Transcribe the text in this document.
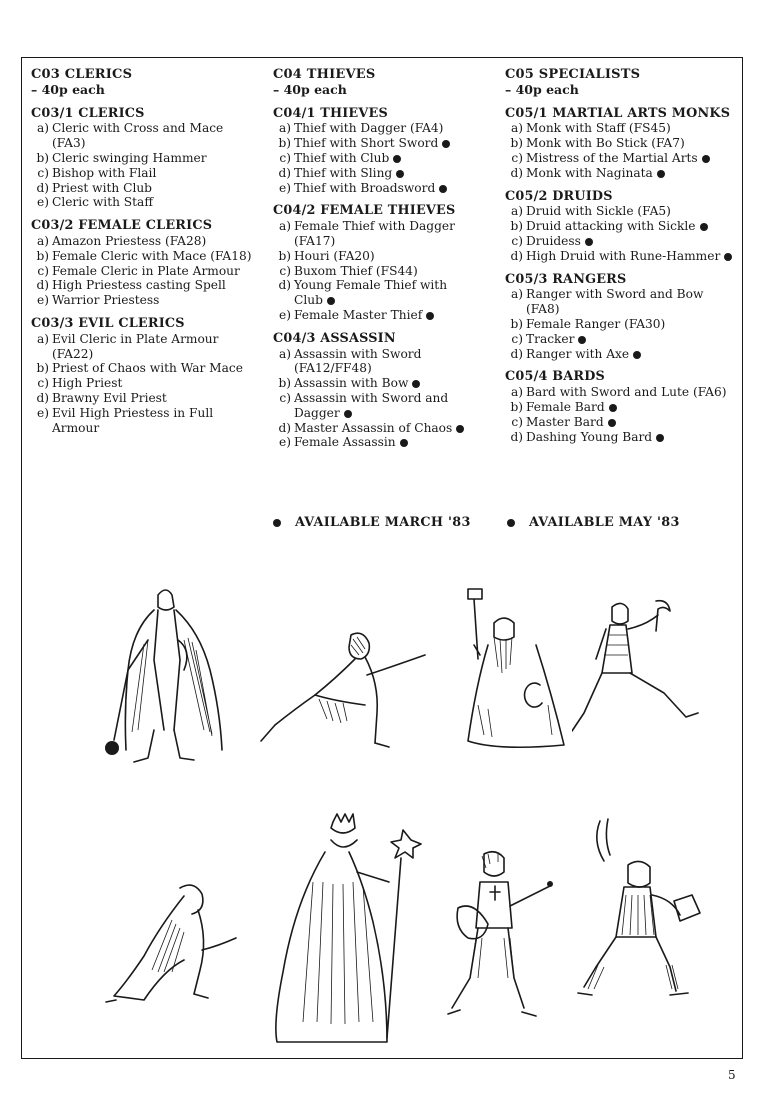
C03 CLERICS
– 40p each
C03/1 CLERICS
a) Cleric with Cross and Mace (FA3)
b) Cleric swinging Hammer
c) Bishop with Flail
d) Priest with Club
e) Cleric with Staff
C03/2 FEMALE CLERICS
a) Amazon Priestess (FA28)
b) Female Cleric with Mace (FA18)
c) Female Cleric in Plate Armour
d) High Priestess casting Spell
e) Warrior Priestess
C03/3 EVIL CLERICS
a) Evil Cleric in Plate Armour (FA22)
b) Priest of Chaos with War Mace
c) High Priest
d) Brawny Evil Priest
e) Evil High Priestess in Full Armour
C04 THIEVES
– 40p each
C04/1 THIEVES
a) Thief with Dagger (FA4)
b) Thief with Short Sword
c) Thief with Club
d) Thief with Sling
e) Thief with Broadsword
C04/2 FEMALE THIEVES
a) Female Thief with Dagger (FA17)
b) Houri (FA20)
c) Buxom Thief (FS44)
d) Young Female Thief with Club
e) Female Master Thief
C04/3 ASSASSIN
a) Assassin with Sword (FA12/FF48)
b) Assassin with Bow
c) Assassin with Sword and Dagger
d) Master Assassin of Chaos
e) Female Assassin
C05 SPECIALISTS
– 40p each
C05/1 MARTIAL ARTS MONKS
a) Monk with Staff (FS45)
b) Monk with Bo Stick (FA7)
c) Mistress of the Martial Arts
d) Monk with Naginata
C05/2 DRUIDS
a) Druid with Sickle (FA5)
b) Druid attacking with Sickle
c) Druidess
d) High Druid with Rune-Hammer
C05/3 RANGERS
a) Ranger with Sword and Bow (FA8)
b) Female Ranger (FA30)
c) Tracker
d) Ranger with Axe
C05/4 BARDS
a) Bard with Sword and Lute (FA6)
b) Female Bard
c) Master Bard
d) Dashing Young Bard
AVAILABLE MARCH '83	AVAILABLE MAY '83
5
